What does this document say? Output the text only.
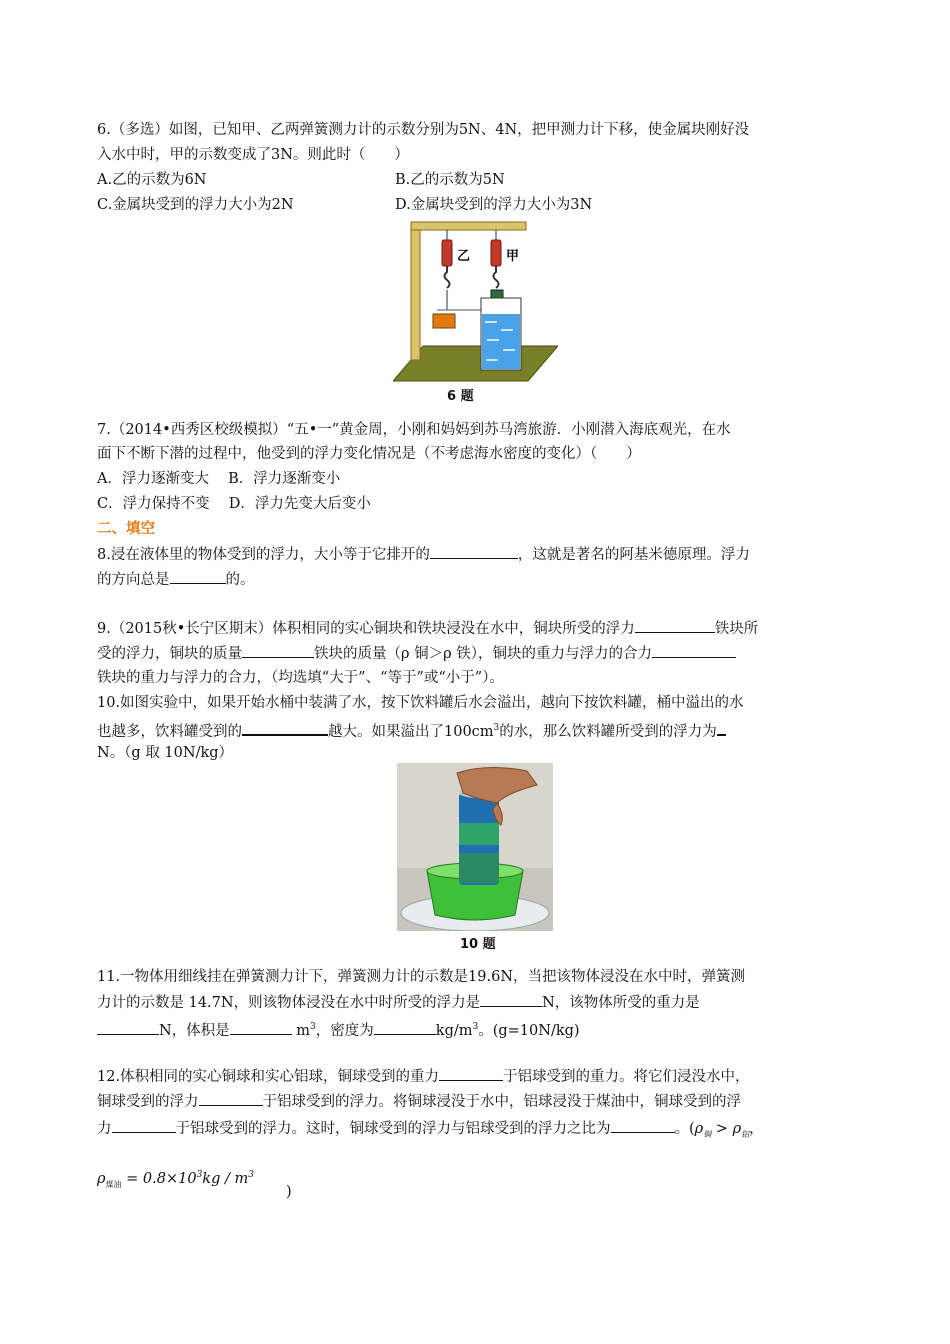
6.（多选）如图，已知甲、乙两弹簧测力计的示数分别为5N、4N，把甲测力计下移，使金属块刚好没
入水中时，甲的示数变成了3N。则此时（　　）
A.乙的示数为6N	B.乙的示数为5N
C.金属块受到的浮力大小为2N	D.金属块受到的浮力大小为3N
乙	甲
6 题
7.（2014•西秀区校级模拟）“五•一”黄金周，小刚和妈妈到苏马湾旅游．小刚潜入海底观光，在水
面下不断下潜的过程中，他受到的浮力变化情况是（不考虑海水密度的变化）（　　）
A．浮力逐渐变大　 B．浮力逐渐变小
C．浮力保持不变　 D．浮力先变大后变小
二、填空
8.浸在液体里的物体受到的浮力，大小等于它排开的	，这就是著名的阿基米德原理。浮力
的方向总是	的。
9.（2015秋•长宁区期末）体积相同的实心铜块和铁块浸没在水中，铜块所受的浮力	铁块所
受的浮力，铜块的质量	铁块的质量（ρ 铜＞ρ 铁），铜块的重力与浮力的合力
铁块的重力与浮力的合力，（均选填“大于”、“等于”或“小于”）。
10.如图实验中，如果开始水桶中装满了水，按下饮料罐后水会溢出，越向下按饮料罐，桶中溢出的水
也越多，饮料罐受到的	越大。如果溢出了$100cm^3$的水，那么饮料罐所受到的浮力为
N。（g 取 10N/kg）
10 题
11.一物体用细线挂在弹簧测力计下，弹簧测力计的示数是19.6N，当把该物体浸没在水中时，弹簧测
力计的示数是 14.7N，则该物体浸没在水中时所受的浮力是	N，该物体所受的重力是
N，体积是	$m^3$，密度为	$kg/m^3$。(g=10N/kg)
12.体积相同的实心铜球和实心铝球，铜球受到的重力	于铝球受到的重力。将它们浸没水中，
铜球受到的浮力	于铝球受到的浮力。将铜球浸没于水中，铝球浸没于煤油中，铜球受到的浮
力	于铝球受到的浮力。这时，铜球受到的浮力与铝球受到的浮力之比为	。($\rho_铜 > \rho_铝$，
$\rho_{煤油} = 0.8\times 10^3kg / m^3$
)
